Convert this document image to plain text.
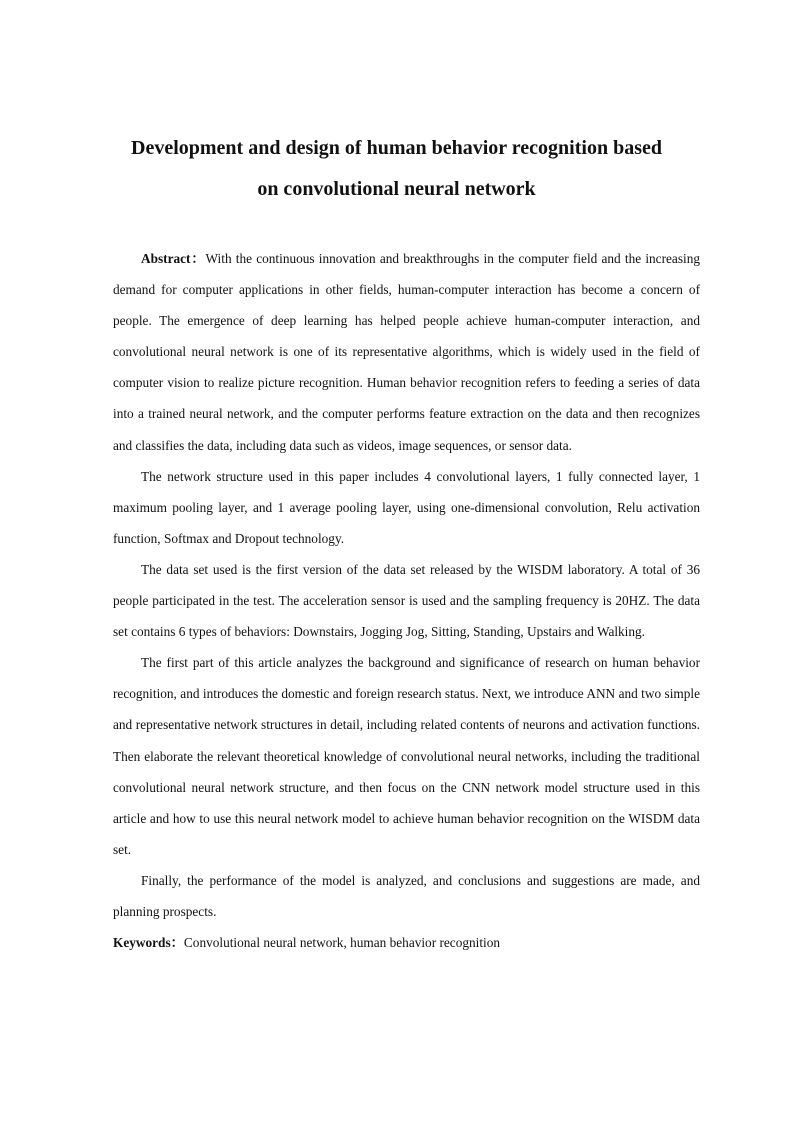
Development and design of human behavior recognition based
on convolutional neural network

Abstract：With the continuous innovation and breakthroughs in the computer field and the increasing demand for computer applications in other fields, human-computer interaction has become a concern of people. The emergence of deep learning has helped people achieve human-computer interaction, and convolutional neural network is one of its representative algorithms, which is widely used in the field of computer vision to realize picture recognition. Human behavior recognition refers to feeding a series of data into a trained neural network, and the computer performs feature extraction on the data and then recognizes and classifies the data, including data such as videos, image sequences, or sensor data.

The network structure used in this paper includes 4 convolutional layers, 1 fully connected layer, 1 maximum pooling layer, and 1 average pooling layer, using one-dimensional convolution, Relu activation function, Softmax and Dropout technology.

The data set used is the first version of the data set released by the WISDM laboratory. A total of 36 people participated in the test. The acceleration sensor is used and the sampling frequency is 20HZ. The data set contains 6 types of behaviors: Downstairs, Jogging Jog, Sitting, Standing, Upstairs and Walking.

The first part of this article analyzes the background and significance of research on human behavior recognition, and introduces the domestic and foreign research status. Next, we introduce ANN and two simple and representative network structures in detail, including related contents of neurons and activation functions. Then elaborate the relevant theoretical knowledge of convolutional neural networks, including the traditional convolutional neural network structure, and then focus on the CNN network model structure used in this article and how to use this neural network model to achieve human behavior recognition on the WISDM data set.

Finally, the performance of the model is analyzed, and conclusions and suggestions are made, and planning prospects.

Keywords：Convolutional neural network, human behavior recognition
